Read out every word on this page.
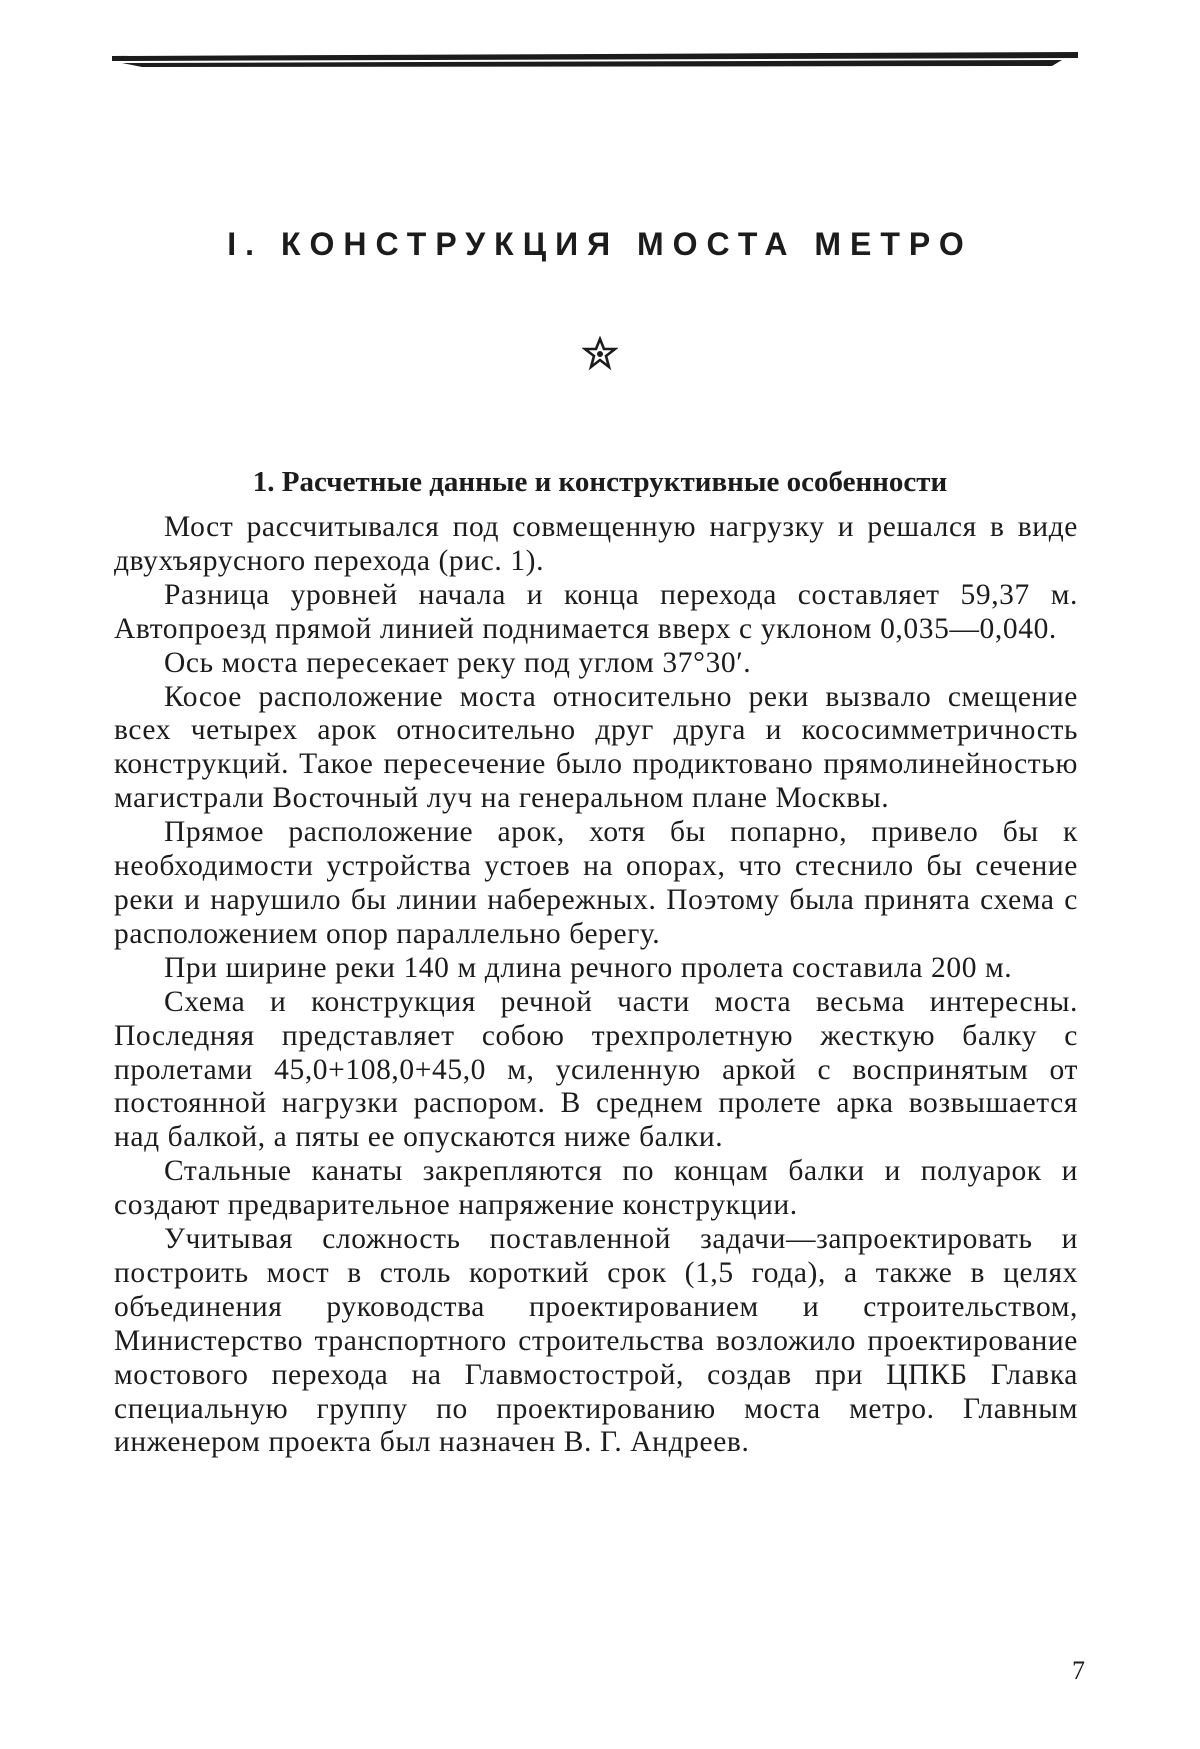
I. КОНСТРУКЦИЯ МОСТА МЕТРО
1. Расчетные данные и конструктивные особенности

Мост рассчитывался под совмещенную нагрузку и решался в виде двухъярусного перехода (рис. 1).

Разница уровней начала и конца перехода составляет 59,37 м. Автопроезд прямой линией поднимается вверх с уклоном 0,035—0,040.

Ось моста пересекает реку под углом 37°30′.

Косое расположение моста относительно реки вызвало смещение всех четырех арок относительно друг друга и кососимметричность конструкций. Такое пересечение было продиктовано прямолинейностью магистрали Восточный луч на генеральном плане Москвы.

Прямое расположение арок, хотя бы попарно, привело бы к необходимости устройства устоев на опорах, что стеснило бы сечение реки и нарушило бы линии набережных. Поэтому была принята схема с расположением опор параллельно берегу.

При ширине реки 140 м длина речного пролета составила 200 м.

Схема и конструкция речной части моста весьма интересны. Последняя представляет собою трехпролетную жесткую балку с пролетами 45,0+108,0+45,0 м, усиленную аркой с воспринятым от постоянной нагрузки распором. В среднем пролете арка возвышается над балкой, а пяты ее опускаются ниже балки.

Стальные канаты закрепляются по концам балки и полуарок и создают предварительное напряжение конструкции.

Учитывая сложность поставленной задачи—запроектировать и построить мост в столь короткий срок (1,5 года), а также в целях объединения руководства проектированием и строительством, Министерство транспортного строительства возложило проектирование мостового перехода на Главмостострой, создав при ЦПКБ Главка специальную группу по проектированию моста метро. Главным инженером проекта был назначен В. Г. Андреев.

7
